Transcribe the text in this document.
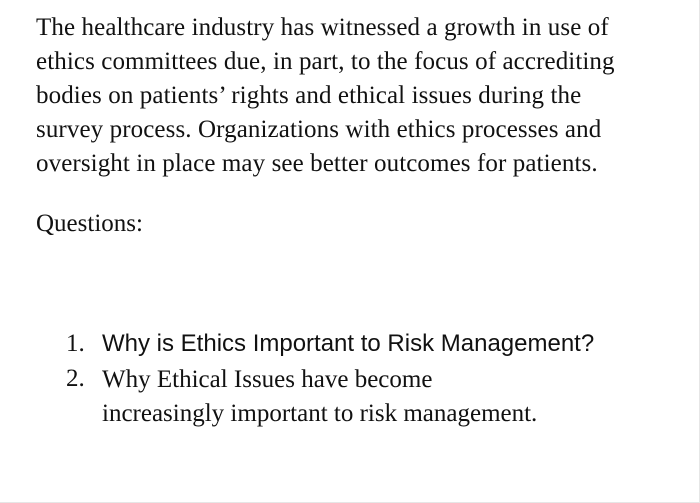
The healthcare industry has witnessed a growth in use of
ethics committees due, in part, to the focus of accrediting
bodies on patients’ rights and ethical issues during the
survey process. Organizations with ethics processes and
oversight in place may see better outcomes for patients.

Questions:
1. Why is Ethics Important to Risk Management?
2. Why Ethical Issues have become
increasingly important to risk management.
